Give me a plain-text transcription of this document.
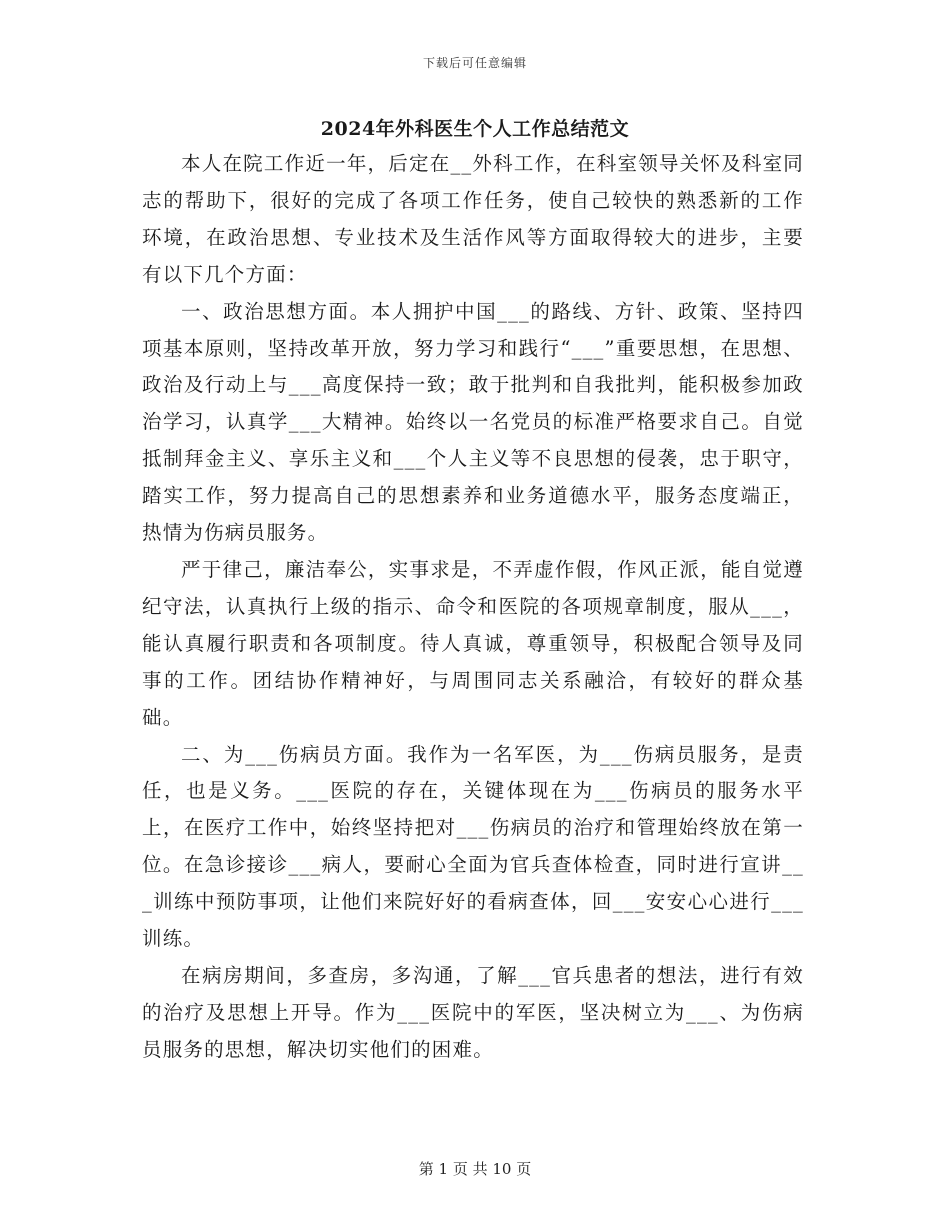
下载后可任意编辑
2024年外科医生个人工作总结范文

本人在院工作近一年，后定在__外科工作，在科室领导关怀及科室同志的帮助下，很好的完成了各项工作任务，使自己较快的熟悉新的工作环境，在政治思想、专业技术及生活作风等方面取得较大的进步，主要有以下几个方面：

一、政治思想方面。本人拥护中国___的路线、方针、政策、坚持四项基本原则，坚持改革开放，努力学习和践行“___”重要思想，在思想、政治及行动上与___高度保持一致；敢于批判和自我批判，能积极参加政治学习，认真学___大精神。始终以一名党员的标准严格要求自己。自觉抵制拜金主义、享乐主义和___个人主义等不良思想的侵袭，忠于职守，踏实工作，努力提高自己的思想素养和业务道德水平，服务态度端正，热情为伤病员服务。

严于律己，廉洁奉公，实事求是，不弄虚作假，作风正派，能自觉遵纪守法，认真执行上级的指示、命令和医院的各项规章制度，服从___，能认真履行职责和各项制度。待人真诚，尊重领导，积极配合领导及同事的工作。团结协作精神好，与周围同志关系融洽，有较好的群众基础。

二、为___伤病员方面。我作为一名军医，为___伤病员服务，是责任，也是义务。___医院的存在，关键体现在为___伤病员的服务水平上，在医疗工作中，始终坚持把对___伤病员的治疗和管理始终放在第一位。在急诊接诊___病人，要耐心全面为官兵查体检查，同时进行宣讲___训练中预防事项，让他们来院好好的看病查体，回___安安心心进行___训练。

在病房期间，多查房，多沟通，了解___官兵患者的想法，进行有效的治疗及思想上开导。作为___医院中的军医，坚决树立为___、为伤病员服务的思想，解决切实他们的困难。

第 1 页 共 10 页
